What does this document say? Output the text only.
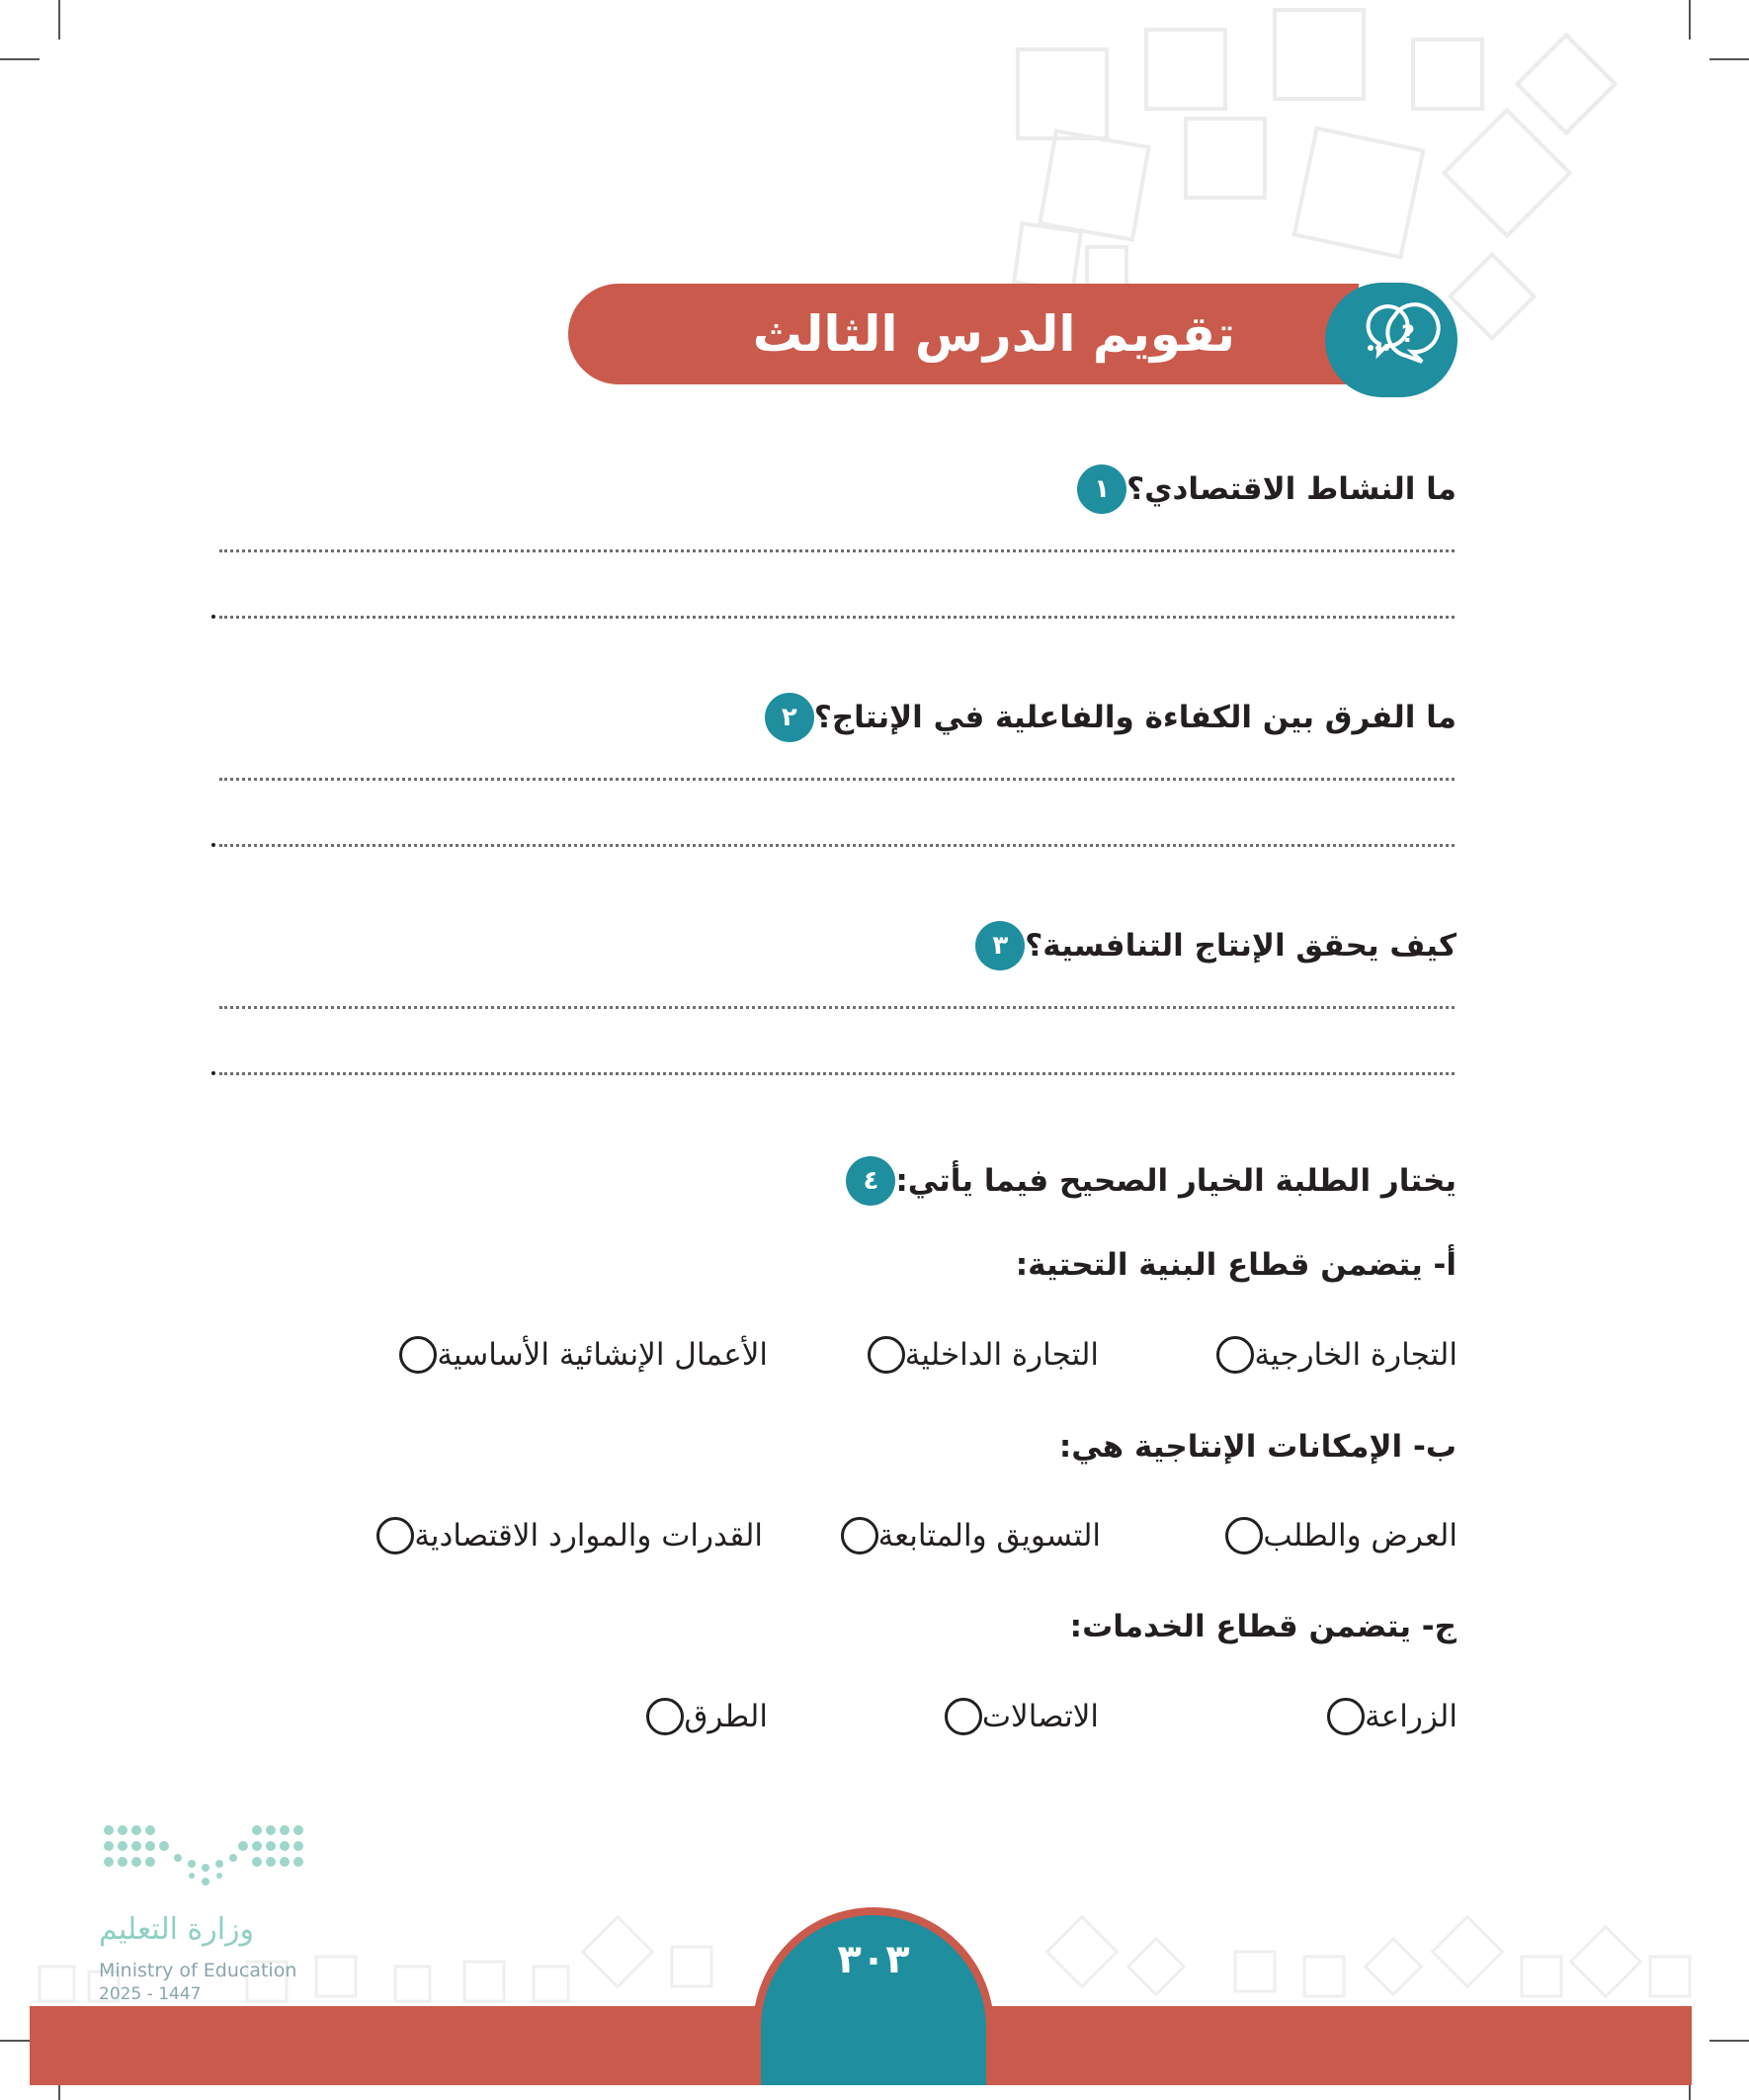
تقويم الدرس الثالث والثلاثين
?
١ ما النشاط الاقتصادي؟
٢ ما الفرق بين الكفاءة والفاعلية في الإنتاج؟
٣ كيف يحقق الإنتاج التنافسية؟
٤ يختار الطلبة الخيار الصحيح فيما يأتي:
أ- يتضمن قطاع البنية التحتية:
التجارة الخارجية
التجارة الداخلية
الأعمال الإنشائية الأساسية
ب- الإمكانات الإنتاجية هي:
العرض والطلب
التسويق والمتابعة
القدرات والموارد الاقتصادية
ج- يتضمن قطاع الخدمات:
الزراعة
الاتصالات
الطرق
وزارة التعليم
Ministry of Education
2025 - 1447
٣٠٣
